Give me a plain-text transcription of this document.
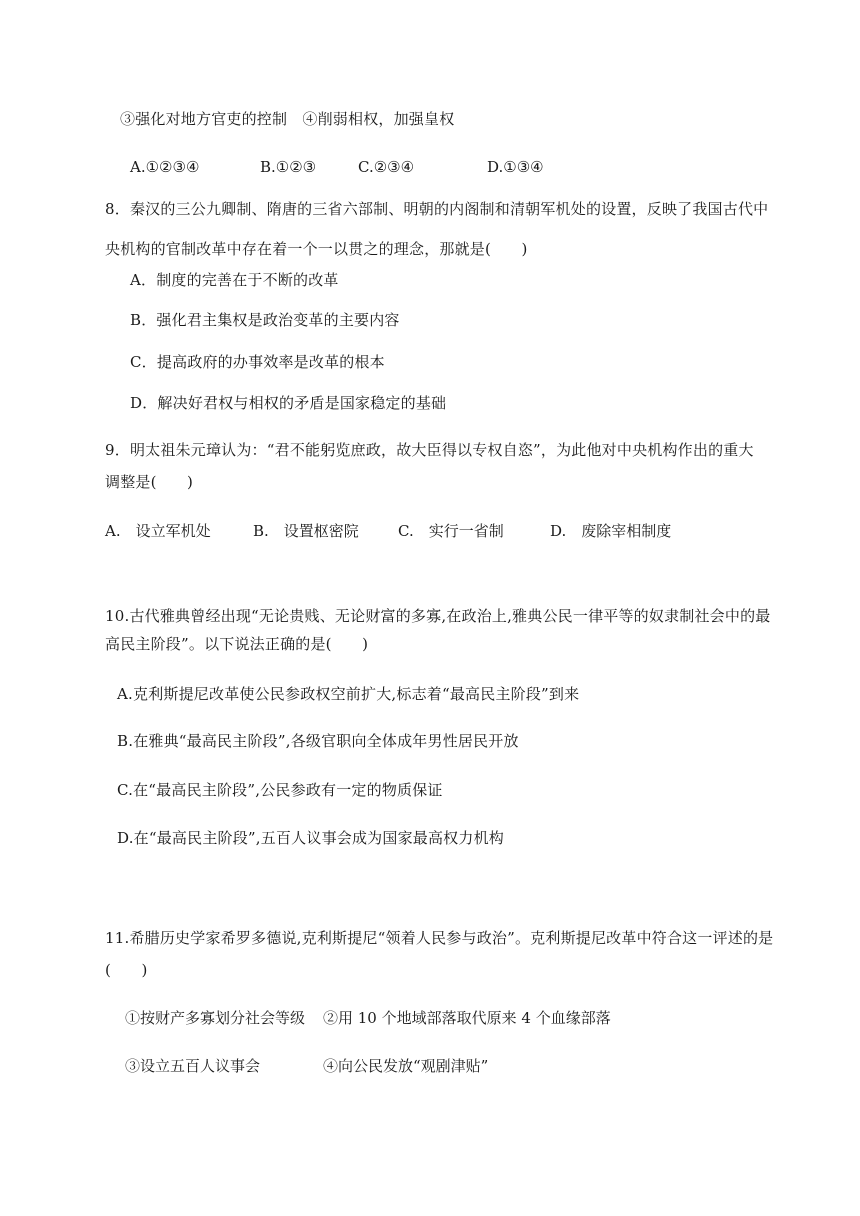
③强化对地方官吏的控制　④削弱相权，加强皇权
A.①②③④	B.①②③	C.②③④	D.①③④
8．秦汉的三公九卿制、隋唐的三省六部制、明朝的内阁制和清朝军机处的设置，反映了我国古代中
央机构的官制改革中存在着一个一以贯之的理念，那就是(　　)
A．制度的完善在于不断的改革
B．强化君主集权是政治变革的主要内容
C．提高政府的办事效率是改革的根本
D．解决好君权与相权的矛盾是国家稳定的基础
9．明太祖朱元璋认为：“君不能躬览庶政，故大臣得以专权自恣”，为此他对中央机构作出的重大
调整是(　　)
A.　设立军机处	B.　设置枢密院	C.　实行一省制	D.　废除宰相制度
10.古代雅典曾经出现“无论贵贱、无论财富的多寡,在政治上,雅典公民一律平等的奴隶制社会中的最
高民主阶段”。以下说法正确的是(　　)
A.克利斯提尼改革使公民参政权空前扩大,标志着“最高民主阶段”到来
B.在雅典“最高民主阶段”,各级官职向全体成年男性居民开放
C.在“最高民主阶段”,公民参政有一定的物质保证
D.在“最高民主阶段”,五百人议事会成为国家最高权力机构
11.希腊历史学家希罗多德说,克利斯提尼“领着人民参与政治”。克利斯提尼改革中符合这一评述的是
(　　)
①按财产多寡划分社会等级 ②用 10 个地域部落取代原来 4 个血缘部落
③设立五百人议事会	④向公民发放“观剧津贴”
